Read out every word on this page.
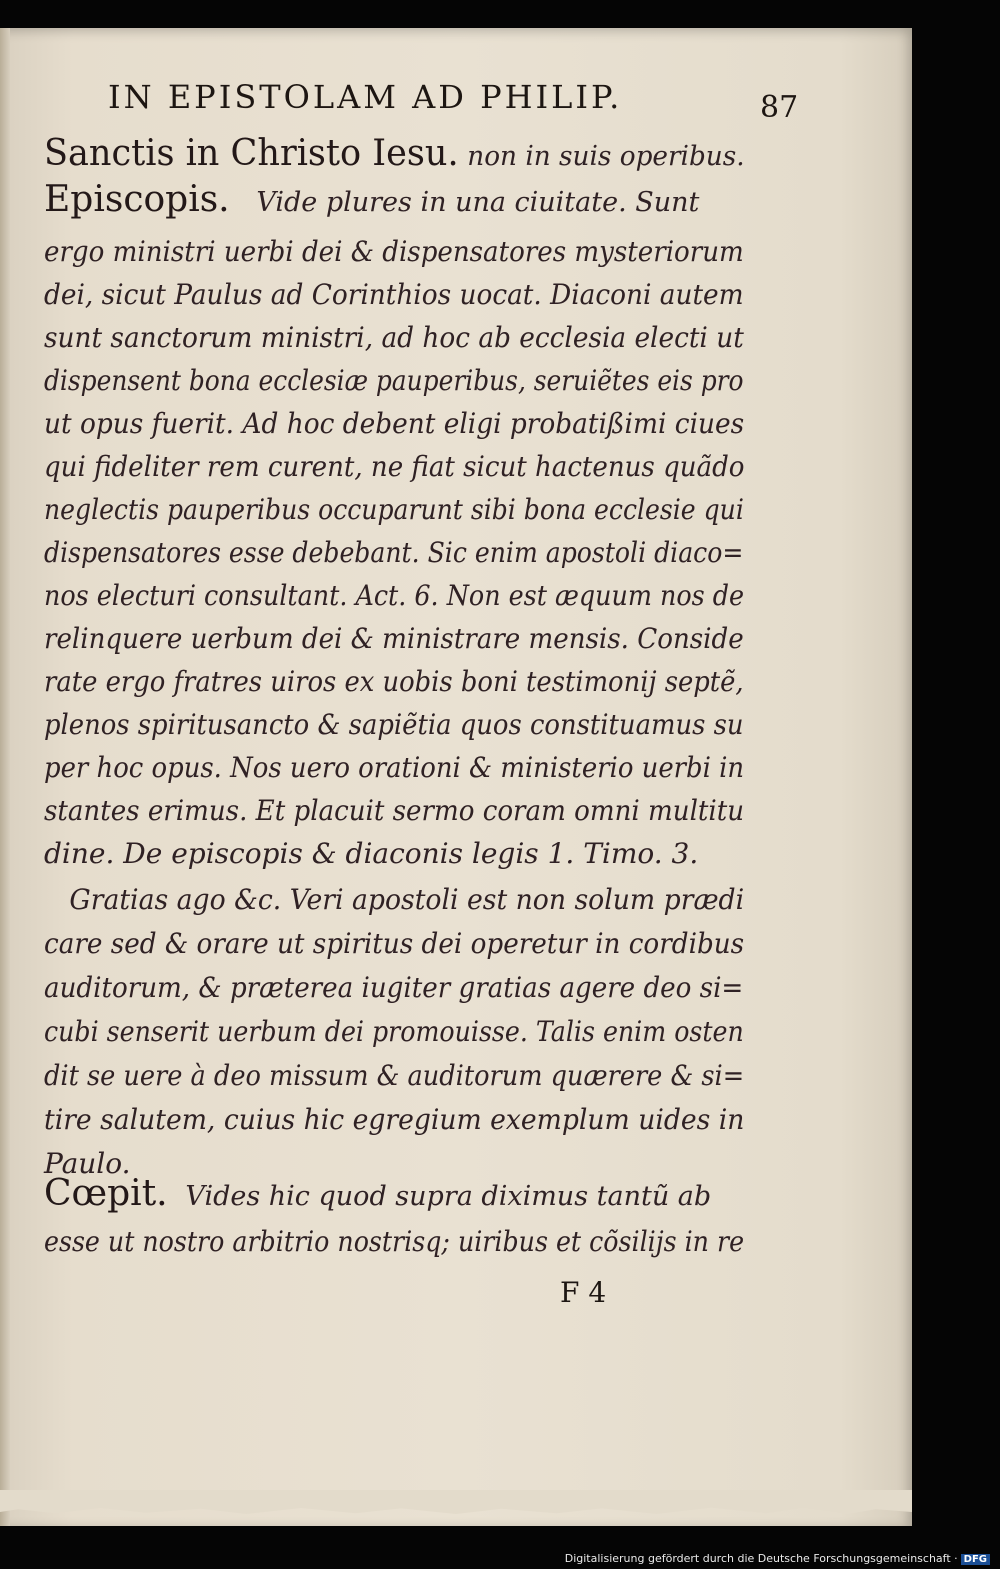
IN EPISTOLAM AD PHILIP.	87
Sanctis in Christo Iesu. non in suis operibus.
Episcopis. Vide plures in una ciuitate. Sunt
ergo ministri uerbi dei & dispensatores mysteriorum
dei, sicut Paulus ad Corinthios uocat. Diaconi autem
sunt sanctorum ministri, ad hoc ab ecclesia electi ut
dispensent bona ecclesiæ pauperibus, seruiẽtes eis pro
ut opus fuerit. Ad hoc debent eligi probatißimi ciues
qui fideliter rem curent, ne fiat sicut hactenus quãdo
neglectis pauperibus occuparunt sibi bona ecclesie qui
dispensatores esse debebant. Sic enim apostoli diaco=
nos electuri consultant. Act. 6. Non est æquum nos de
relinquere uerbum dei & ministrare mensis. Conside
rate ergo fratres uiros ex uobis boni testimonij septẽ,
plenos spiritusancto & sapiẽtia quos constituamus su
per hoc opus. Nos uero orationi & ministerio uerbi in
stantes erimus. Et placuit sermo coram omni multitu
dine. De episcopis & diaconis legis 1. Timo. 3.
Gratias ago &c. Veri apostoli est non solum prædi
care sed & orare ut spiritus dei operetur in cordibus
auditorum, & præterea iugiter gratias agere deo si=
cubi senserit uerbum dei promouisse. Talis enim osten
dit se uere à deo missum & auditorum quærere & si=
tire salutem, cuius hic egregium exemplum uides in
Paulo.
Cœpit. Vides hic quod supra diximus tantũ ab
esse ut nostro arbitrio nostrisq; uiribus et cõsilijs in re
F 4
Digitalisierung gefördert durch die Deutsche Forschungsgemeinschaft · DFG
